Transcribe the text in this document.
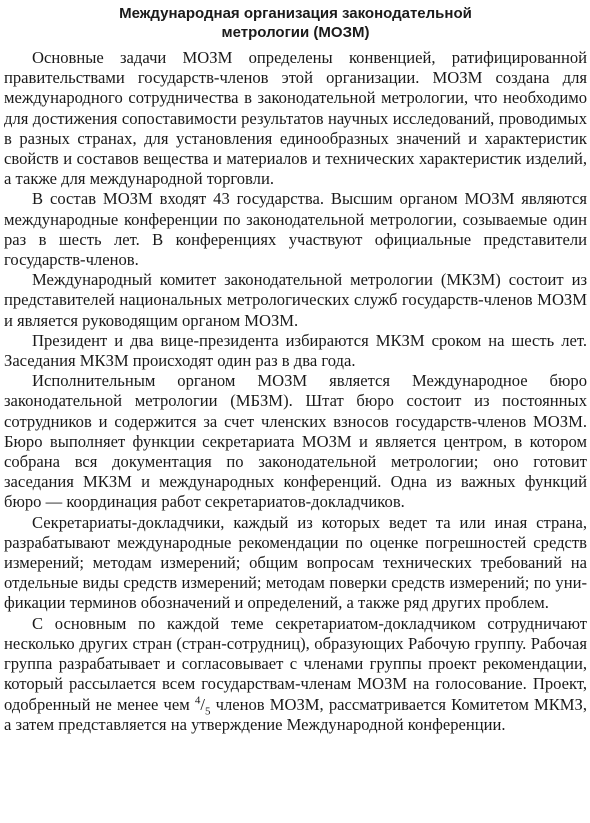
Международная организация законодательной
метрологии (МОЗМ)

Основные задачи МОЗМ определены конвенцией, ратифицированной правительствами государств-членов этой организации. МОЗМ создана для международного сотрудничества в законодательной метрологии, что необходимо для достижения сопоставимости результатов научных исследований, проводимых в разных странах, для установления единообразных значений и характеристик свойств и составов вещества и материалов и технических характеристик изделий, а также для международной торговли.

В состав МОЗМ входят 43 государства. Высшим органом МОЗМ являются международные конференции по законодательной метрологии, созываемые один раз в шесть лет. В конференциях участвуют официальные представители государств-членов.

Международный комитет законодательной метрологии (МКЗМ) состоит из представителей национальных метрологических служб государств-членов МОЗМ и является руководящим органом МОЗМ.

Президент и два вице-президента избираются МКЗМ сроком на шесть лет. Заседания МКЗМ происходят один раз в два года.

Исполнительным органом МОЗМ является Международное бюро законодательной метрологии (МБЗМ). Штат бюро состоит из постоянных сотрудников и содержится за счет членских взносов государств-членов МОЗМ. Бюро выполняет функции секретариата МОЗМ и является центром, в котором собрана вся документация по законодательной метрологии; оно готовит заседания МКЗМ и международных конференций. Одна из важных функций бюро — координация работ секретариатов-докладчиков.

Секретариаты-докладчики, каждый из которых ведет та или иная страна, разрабатывают международные рекомендации по оценке погрешностей средств измерений; методам измерений; общим вопросам технических требований на отдельные виды средств измерений; методам поверки средств измерений; по унификации терминов обозначений и определений, а также ряд других проблем.

С основным по каждой теме секретариатом-докладчиком сотрудничают несколько других стран (стран-сотрудниц), образующих Рабочую группу. Рабочая группа разрабатывает и согласовывает с членами группы проект рекомендации, который рассылается всем государствам-членам МОЗМ на голосование. Проект, одобренный не менее чем $^4/_5$ членов МОЗМ, рассматривается Комитетом МКМЗ, а затем представляется на утверждение Международной конференции.
